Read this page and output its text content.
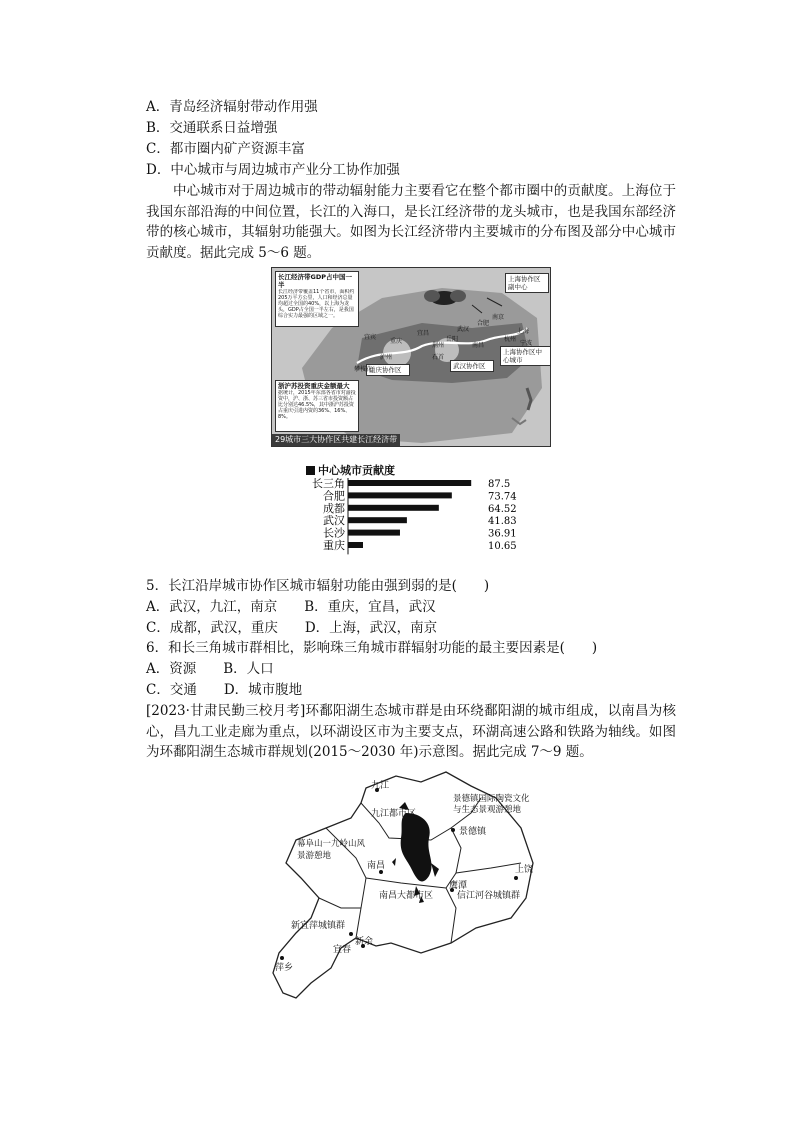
A．青岛经济辐射带动作用强
B．交通联系日益增强
C．都市圈内矿产资源丰富
D．中心城市与周边城市产业分工协作加强
中心城市对于周边城市的带动辐射能力主要看它在整个都市圈中的贡献度。上海位于我国东部沿海的中间位置，长江的入海口，是长江经济带的龙头城市，也是我国东部经济带的核心城市，其辐射功能强大。如图为长江经济带内主要城市的分布图及部分中心城市贡献度。据此完成 5～6 题。
长江经济带GDP占中国一半
长江经济带覆盖11个省市，面积约205万平方公里，人口和经济总量均超过全国的40%，以上海为龙头，GDP占全国一半左右，是我国综合实力最强的区域之一。
浙沪苏投资重庆金额最大
据统计，2015年东部各省市对渝投资中，沪、浙、苏三省市投资额占比分别达46.5%，其中浙沪苏投资占重庆引进内资的36%、16%、8%。
上海协作区副中心
上海协作区中心城市
重庆协作区	武汉协作区
攀枝花
宜宾
泸州
重庆
宜昌
荆州
岳阳
武汉
南昌
合肥
南京
上海
杭州
宁波
石首
29城市三大协作区共建长江经济带
中心城市贡献度
长三角	87.5
合肥	73.74
成都	64.52
武汉	41.83
长沙	36.91
重庆	10.65
5．长江沿岸城市协作区城市辐射功能由强到弱的是(　　)
A．武汉，九江，南京　　B．重庆，宜昌，武汉
C．成都，武汉，重庆　　D．上海，武汉，南京
6．和长三角城市群相比，影响珠三角城市群辐射功能的最主要因素是(　　)
A．资源　　B．人口
C．交通　　D．城市腹地
[2023·甘肃民勤三校月考]环鄱阳湖生态城市群是由环绕鄱阳湖的城市组成，以南昌为核心，昌九工业走廊为重点，以环湖设区市为主要支点，环湖高速公路和铁路为轴线。如图为环鄱阳湖生态城市群规划(2015～2030 年)示意图。据此完成 7～9 题。
九江
九江都市区
景德镇国际陶瓷文化与生态景观游憩地
景德镇
幕阜山一九岭山风景游憩地
南昌
南昌大都市区
上饶
鹰潭
信江河谷城镇群
新宜萍城镇群
新余
宜春
萍乡
